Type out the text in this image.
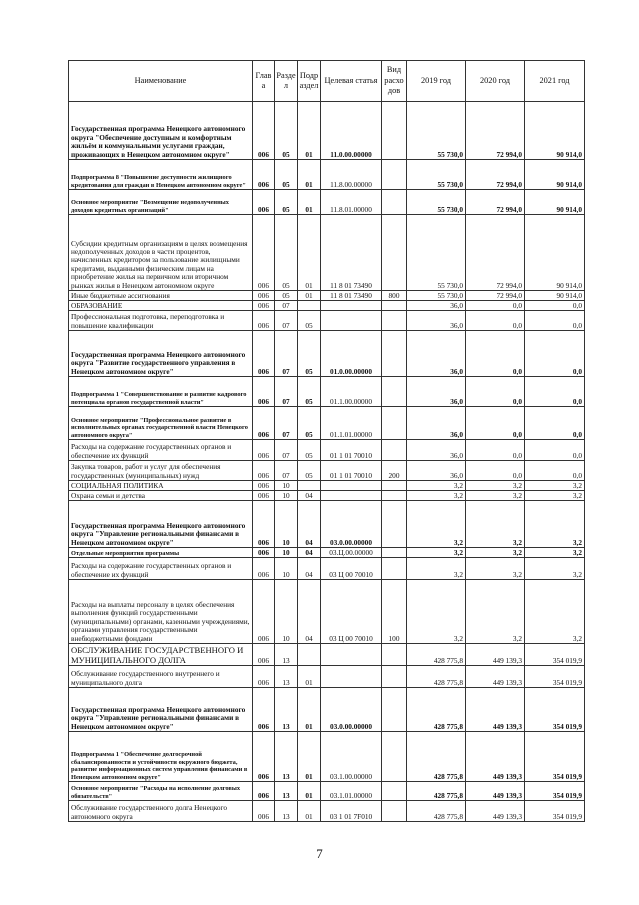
Наименование	Глав а	Разде л	Подр аздел	Целевая статья	Вид расхо дов	2019 год	2020 год	2021 год
Государственная программа Ненецкого автономного округа "Обеспечение доступным и комфортным жильём и коммунальными услугами граждан, проживающих в Ненецком автономном округе"	006	05	01	11.0.00.00000		55 730,0	72 994,0	90 914,0
Подпрограмма 8 "Повышение доступности жилищного кредитования для граждан в Ненецком автономном округе"	006	05	01	11.8.00.00000		55 730,0	72 994,0	90 914,0
Основное мероприятие "Возмещение недополученных доходов кредитных организаций"	006	05	01	11.8.01.00000		55 730,0	72 994,0	90 914,0
Субсидии кредитным организациям в целях возмещения недополученных доходов в части процентов, начисленных кредитором за пользование жилищными кредитами, выданными физическим лицам на приобретение жилья на первичном или вторичном рынках жилья в Ненецком автономном округе	006	05	01	11 8 01 73490		55 730,0	72 994,0	90 914,0
Иные бюджетные ассигнования	006	05	01	11 8 01 73490	800	55 730,0	72 994,0	90 914,0
ОБРАЗОВАНИЕ	006	07				36,0	0,0	0,0
Профессиональная подготовка, переподготовка и повышение квалификации	006	07	05			36,0	0,0	0,0
Государственная программа Ненецкого автономного округа "Развитие государственного управления в Ненецком автономном округе"	006	07	05	01.0.00.00000		36,0	0,0	0,0
Подпрограмма 1 "Совершенствование и развитие кадрового потенциала органов государственной власти"	006	07	05	01.1.00.00000		36,0	0,0	0,0
Основное мероприятие "Профессиональное развитие в исполнительных органах государственной власти Ненецкого автономного округа"	006	07	05	01.1.01.00000		36,0	0,0	0,0
Расходы на содержание государственных органов и обеспечение их функций	006	07	05	01 1 01 70010		36,0	0,0	0,0
Закупка товаров, работ и услуг для обеспечения государственных (муниципальных) нужд	006	07	05	01 1 01 70010	200	36,0	0,0	0,0
СОЦИАЛЬНАЯ ПОЛИТИКА	006	10				3,2	3,2	3,2
Охрана семьи и детства	006	10	04			3,2	3,2	3,2
Государственная программа Ненецкого автономного округа "Управление региональными финансами в Ненецком автономном округе"	006	10	04	03.0.00.00000		3,2	3,2	3,2
Отдельные мероприятия программы	006	10	04	03.Ц.00.00000		3,2	3,2	3,2
Расходы на содержание государственных органов и обеспечение их функций	006	10	04	03 Ц 00 70010		3,2	3,2	3,2
Расходы на выплаты персоналу в целях обеспечения выполнения функций государственными (муниципальными) органами, казенными учреждениями, органами управления государственными внебюджетными фондами	006	10	04	03 Ц 00 70010	100	3,2	3,2	3,2
ОБСЛУЖИВАНИЕ ГОСУДАРСТВЕННОГО И МУНИЦИПАЛЬНОГО ДОЛГА	006	13				428 775,8	449 139,3	354 019,9
Обслуживание государственного внутреннего и муниципального долга	006	13	01			428 775,8	449 139,3	354 019,9
Государственная программа Ненецкого автономного округа "Управление региональными финансами в Ненецком автономном округе"	006	13	01	03.0.00.00000		428 775,8	449 139,3	354 019,9
Подпрограмма 1 "Обеспечение долгосрочной сбалансированности и устойчивости окружного бюджета, развитие информационных систем управления финансами в Ненецком автономном округе"	006	13	01	03.1.00.00000		428 775,8	449 139,3	354 019,9
Основное мероприятие "Расходы на исполнение долговых обязательств"	006	13	01	03.1.01.00000		428 775,8	449 139,3	354 019,9
Обслуживание государственного долга Ненецкого автономного округа	006	13	01	03 1 01 7F010		428 775,8	449 139,3	354 019,9
7
